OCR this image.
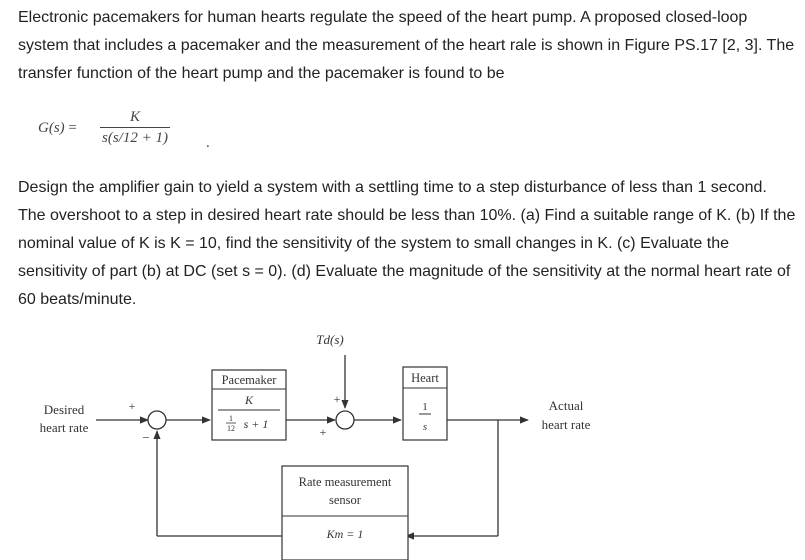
Electronic pacemakers for human hearts regulate the speed of the heart pump. A proposed closed-loop system that includes a pacemaker and the measurement of the heart rale is shown in Figure PS.17 [2, 3]. The transfer function of the heart pump and the pacemaker is found to be
G(s) =
K
s(s/12 + 1)	.
Design the amplifier gain to yield a system with a settling time to a step disturbance of less than 1 second. The overshoot to a step in desired heart rate should be less than 10%. (a) Find a suitable range of K. (b) If the nominal value of K is K = 10, find the sensitivity of the system to small changes in K. (c) Evaluate the sensitivity of part (b) at DC (set s = 0). (d) Evaluate the magnitude of the sensitivity at the normal heart rate of 60 beats/minute.
Td(s)
Desired
heart rate
+
−
Pacemaker
K
1
12 s + 1
+
+
Heart
1
s
Actual
heart rate
Rate measurement
sensor
Km = 1
